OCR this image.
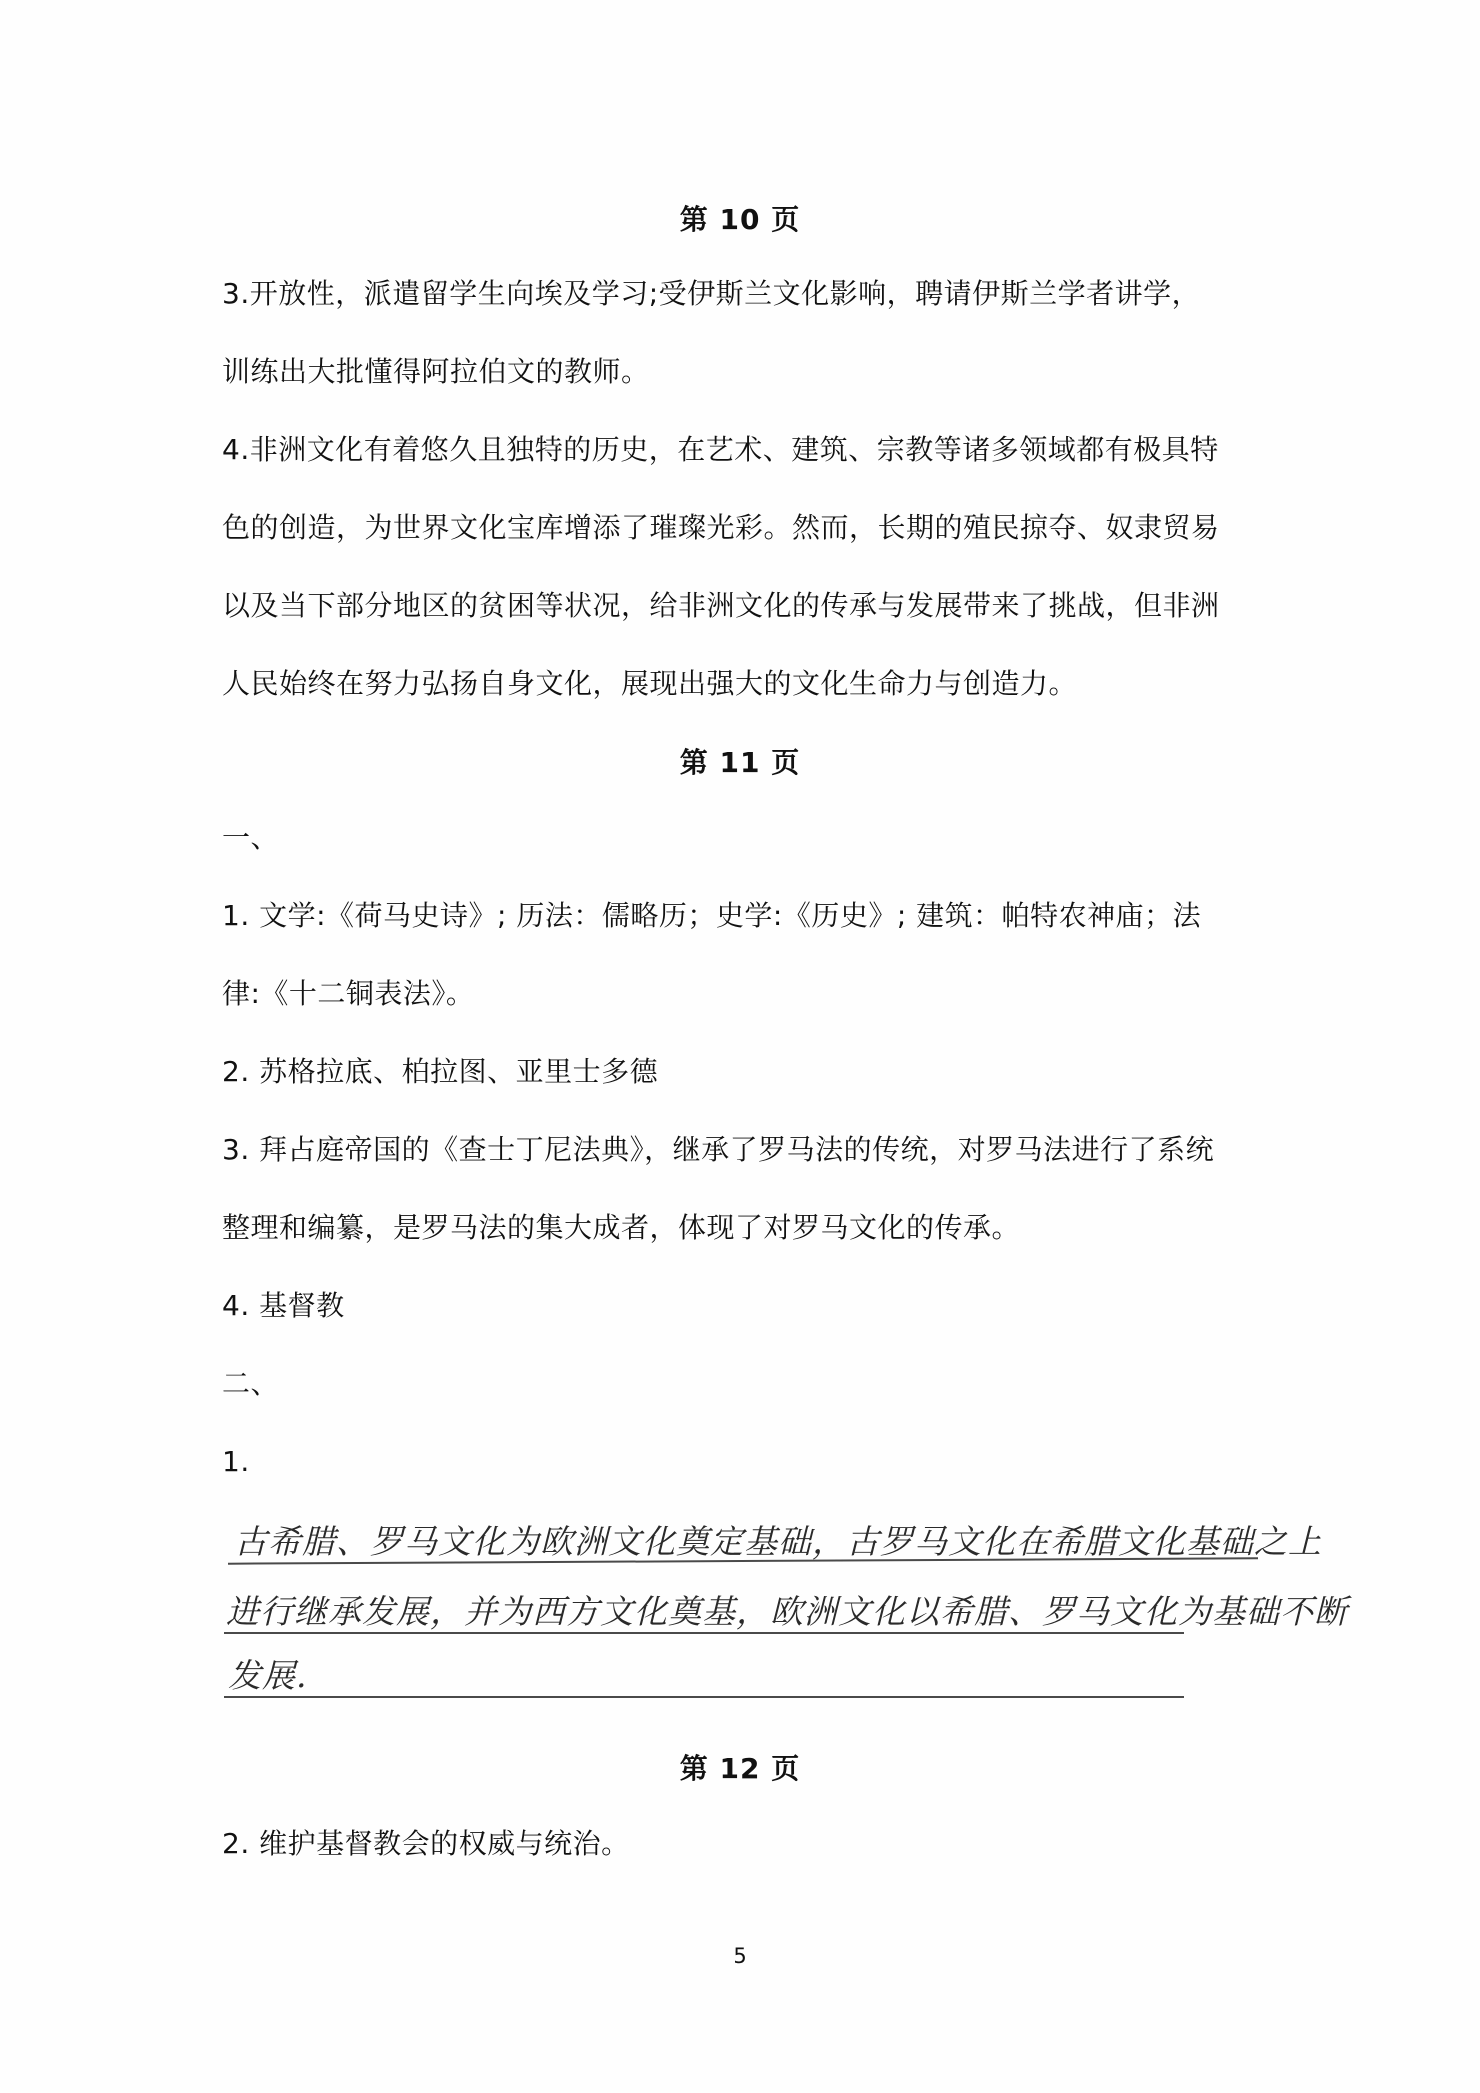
第 10 页
3.开放性，派遣留学生向埃及学习;受伊斯兰文化影响，聘请伊斯兰学者讲学，
训练出大批懂得阿拉伯文的教师。
4.非洲文化有着悠久且独特的历史，在艺术、建筑、宗教等诸多领域都有极具特
色的创造，为世界文化宝库增添了璀璨光彩。然而，长期的殖民掠夺、奴隶贸易
以及当下部分地区的贫困等状况，给非洲文化的传承与发展带来了挑战，但非洲
人民始终在努力弘扬自身文化，展现出强大的文化生命力与创造力。
第 11 页
一、
1. 文学:《荷马史诗》; 历法：儒略历；史学:《历史》; 建筑：帕特农神庙；法
律:《十二铜表法》。
2. 苏格拉底、柏拉图、亚里士多德
3. 拜占庭帝国的《查士丁尼法典》，继承了罗马法的传统，对罗马法进行了系统
整理和编纂，是罗马法的集大成者，体现了对罗马文化的传承。
4. 基督教
二、
1.
古希腊、罗马文化为欧洲文化奠定基础，古罗马文化在希腊文化基础之上
进行继承发展，并为西方文化奠基，欧洲文化以希腊、罗马文化为基础不断
发展.
第 12 页
2. 维护基督教会的权威与统治。
5
